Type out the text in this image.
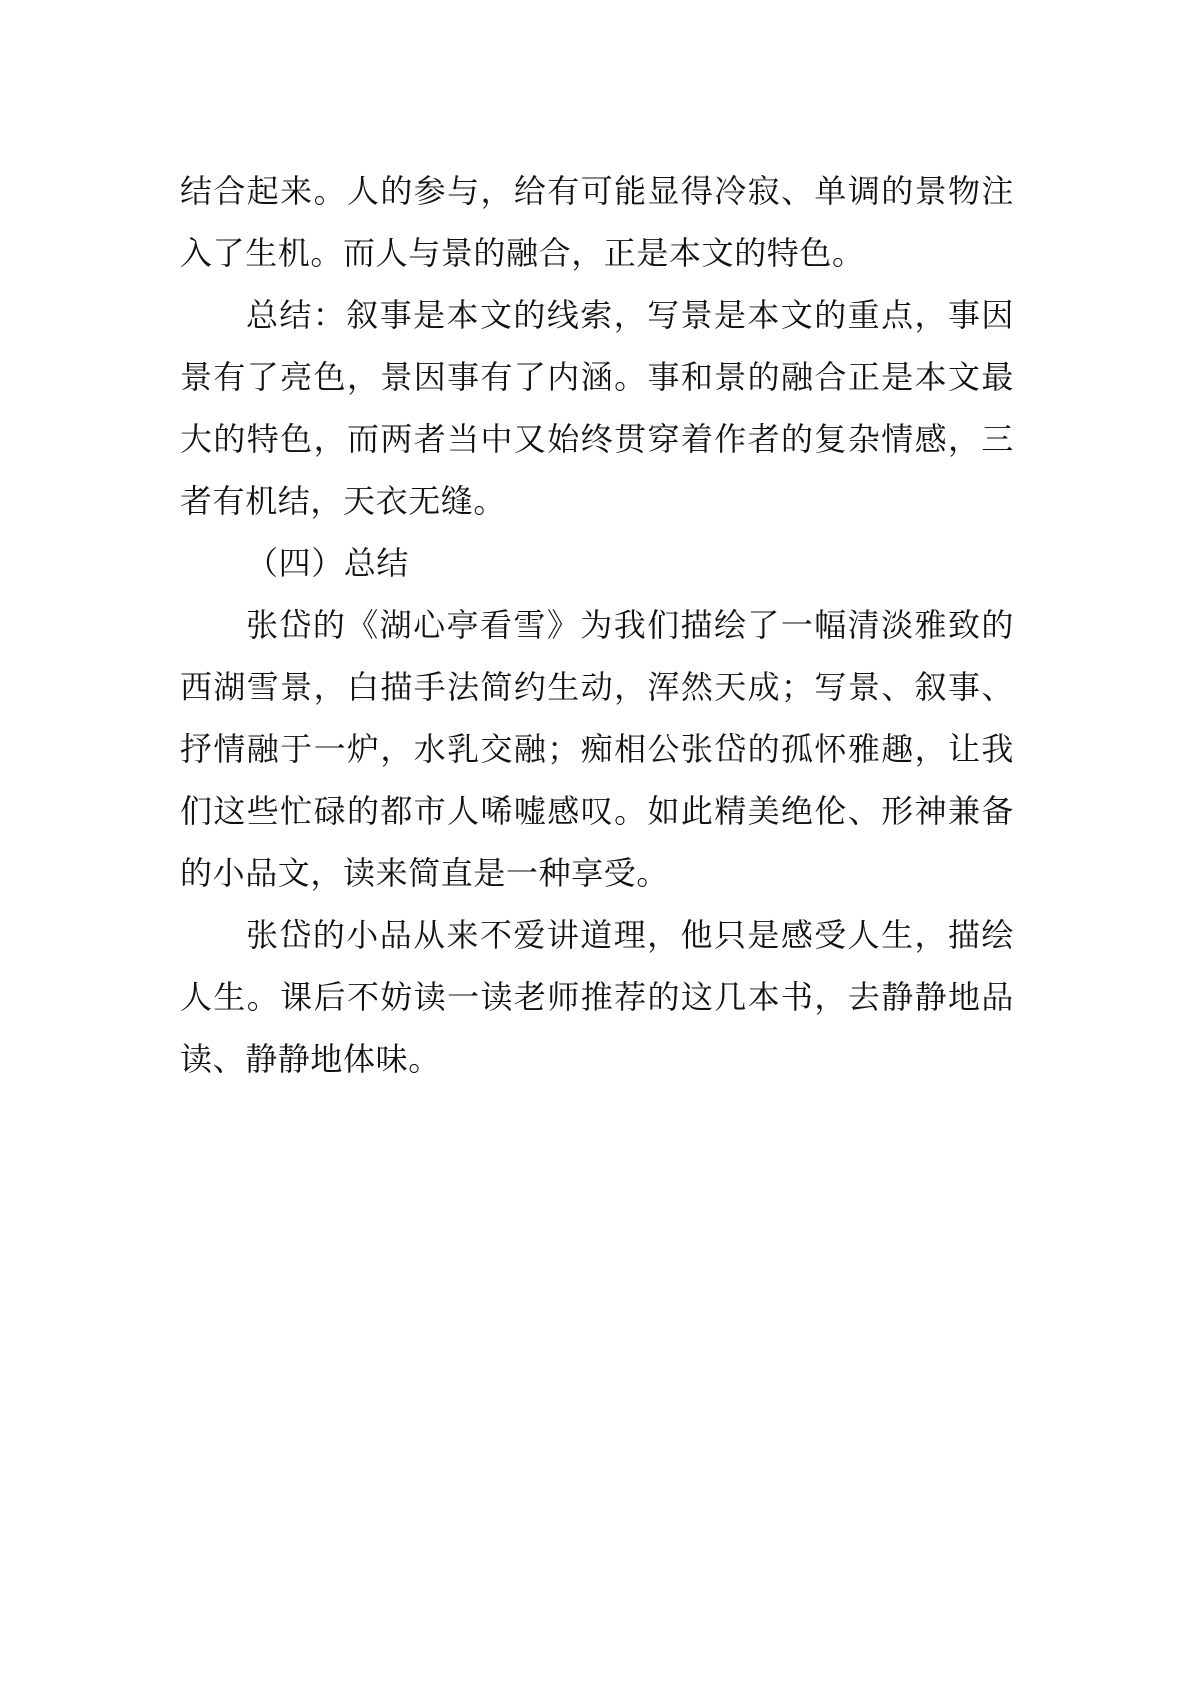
结合起来。人的参与，给有可能显得冷寂、单调的景物注入了生机。而人与景的融合，正是本文的特色。

总结：叙事是本文的线索，写景是本文的重点，事因景有了亮色，景因事有了内涵。事和景的融合正是本文最大的特色，而两者当中又始终贯穿着作者的复杂情感，三者有机结，天衣无缝。

（四）总结

张岱的《湖心亭看雪》为我们描绘了一幅清淡雅致的西湖雪景，白描手法简约生动，浑然天成；写景、叙事、抒情融于一炉，水乳交融；痴相公张岱的孤怀雅趣，让我们这些忙碌的都市人唏嘘感叹。如此精美绝伦、形神兼备的小品文，读来简直是一种享受。

张岱的小品从来不爱讲道理，他只是感受人生，描绘人生。课后不妨读一读老师推荐的这几本书，去静静地品读、静静地体味。
